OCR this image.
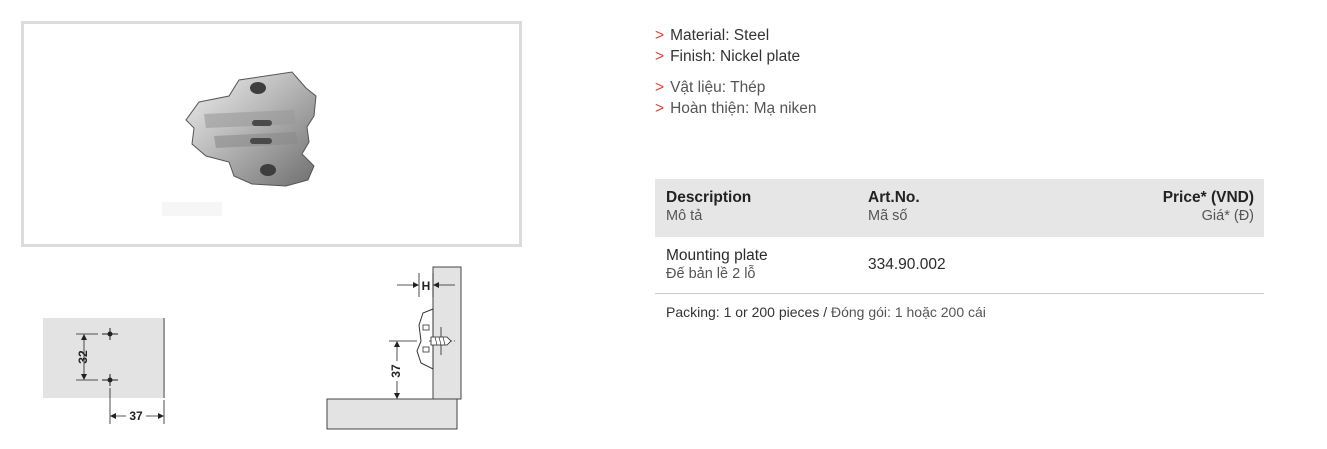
32
37
H
37
> Material: Steel
> Finish: Nickel plate
> Vật liệu: Thép
> Hoàn thiện: Mạ niken
Description
Mô tả
Art.No.
Mã số
Price* (VND)
Giá* (Đ)
Mounting plate
Đế bản lề 2 lỗ
334.90.002
Packing: 1 or 200 pieces / Đóng gói: 1 hoặc 200 cái
